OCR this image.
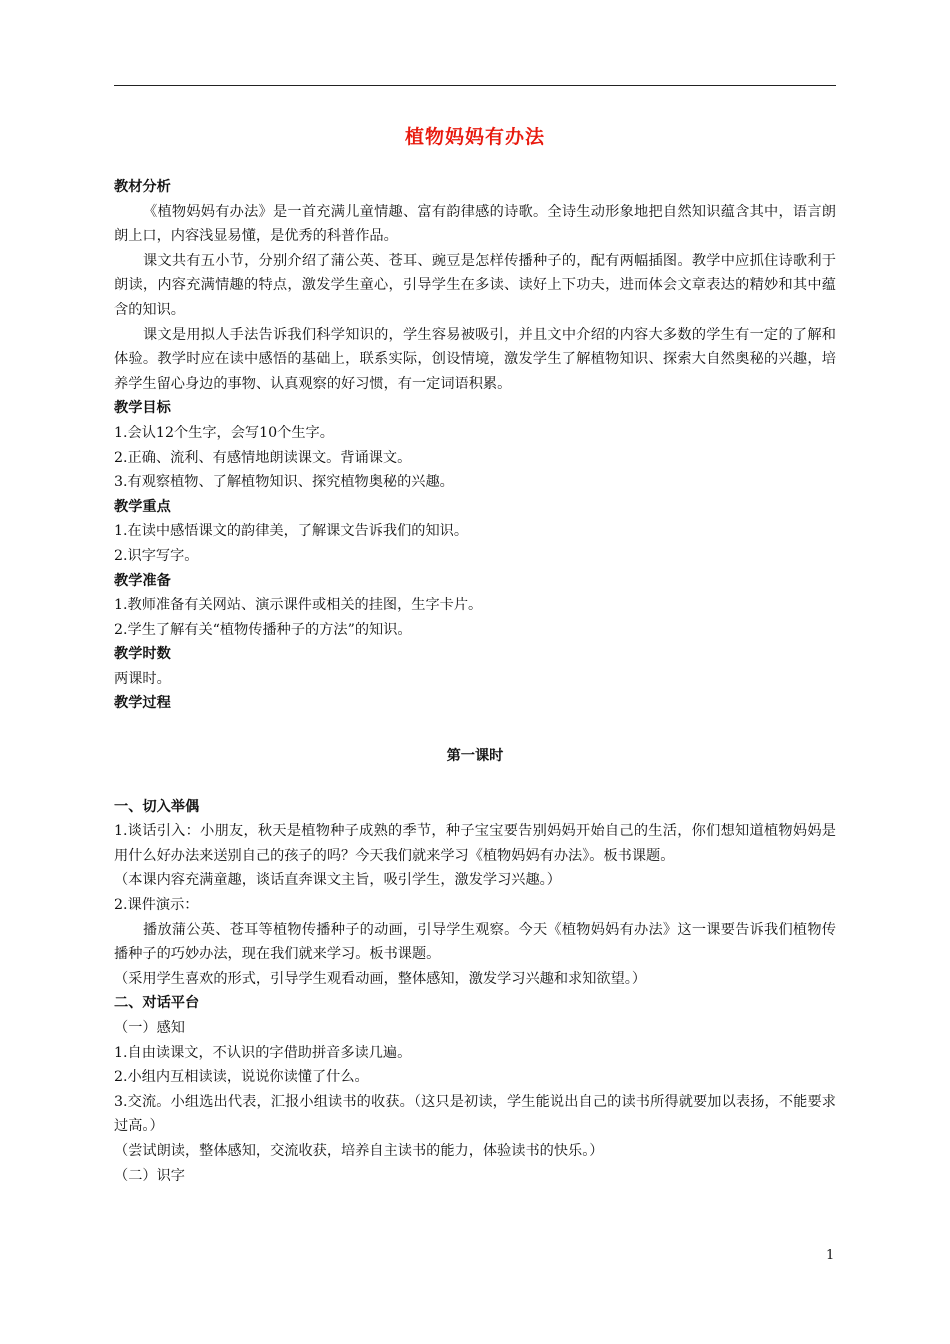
植物妈妈有办法

教材分析

《植物妈妈有办法》是一首充满儿童情趣、富有韵律感的诗歌。全诗生动形象地把自然知识蕴含其中，语言朗朗上口，内容浅显易懂，是优秀的科普作品。

课文共有五小节，分别介绍了蒲公英、苍耳、豌豆是怎样传播种子的，配有两幅插图。教学中应抓住诗歌利于朗读，内容充满情趣的特点，激发学生童心，引导学生在多读、读好上下功夫，进而体会文章表达的精妙和其中蕴含的知识。

课文是用拟人手法告诉我们科学知识的，学生容易被吸引，并且文中介绍的内容大多数的学生有一定的了解和体验。教学时应在读中感悟的基础上，联系实际，创设情境，激发学生了解植物知识、探索大自然奥秘的兴趣，培养学生留心身边的事物、认真观察的好习惯，有一定词语积累。

教学目标

1.会认12个生字，会写10个生字。

2.正确、流利、有感情地朗读课文。背诵课文。

3.有观察植物、了解植物知识、探究植物奥秘的兴趣。

教学重点

1.在读中感悟课文的韵律美，了解课文告诉我们的知识。

2.识字写字。

教学准备

1.教师准备有关网站、演示课件或相关的挂图，生字卡片。

2.学生了解有关“植物传播种子的方法”的知识。

教学时数

两课时。

教学过程

第一课时

一、切入举偶

1.谈话引入：小朋友，秋天是植物种子成熟的季节，种子宝宝要告别妈妈开始自己的生活，你们想知道植物妈妈是用什么好办法来送别自己的孩子的吗？今天我们就来学习《植物妈妈有办法》。板书课题。

（本课内容充满童趣，谈话直奔课文主旨，吸引学生，激发学习兴趣。）

2.课件演示：

播放蒲公英、苍耳等植物传播种子的动画，引导学生观察。今天《植物妈妈有办法》这一课要告诉我们植物传播种子的巧妙办法，现在我们就来学习。板书课题。

（采用学生喜欢的形式，引导学生观看动画，整体感知，激发学习兴趣和求知欲望。）

二、对话平台

（一）感知

1.自由读课文，不认识的字借助拼音多读几遍。

2.小组内互相读读，说说你读懂了什么。

3.交流。小组选出代表，汇报小组读书的收获。（这只是初读，学生能说出自己的读书所得就要加以表扬，不能要求过高。）

（尝试朗读，整体感知，交流收获，培养自主读书的能力，体验读书的快乐。）

（二）识字

1
